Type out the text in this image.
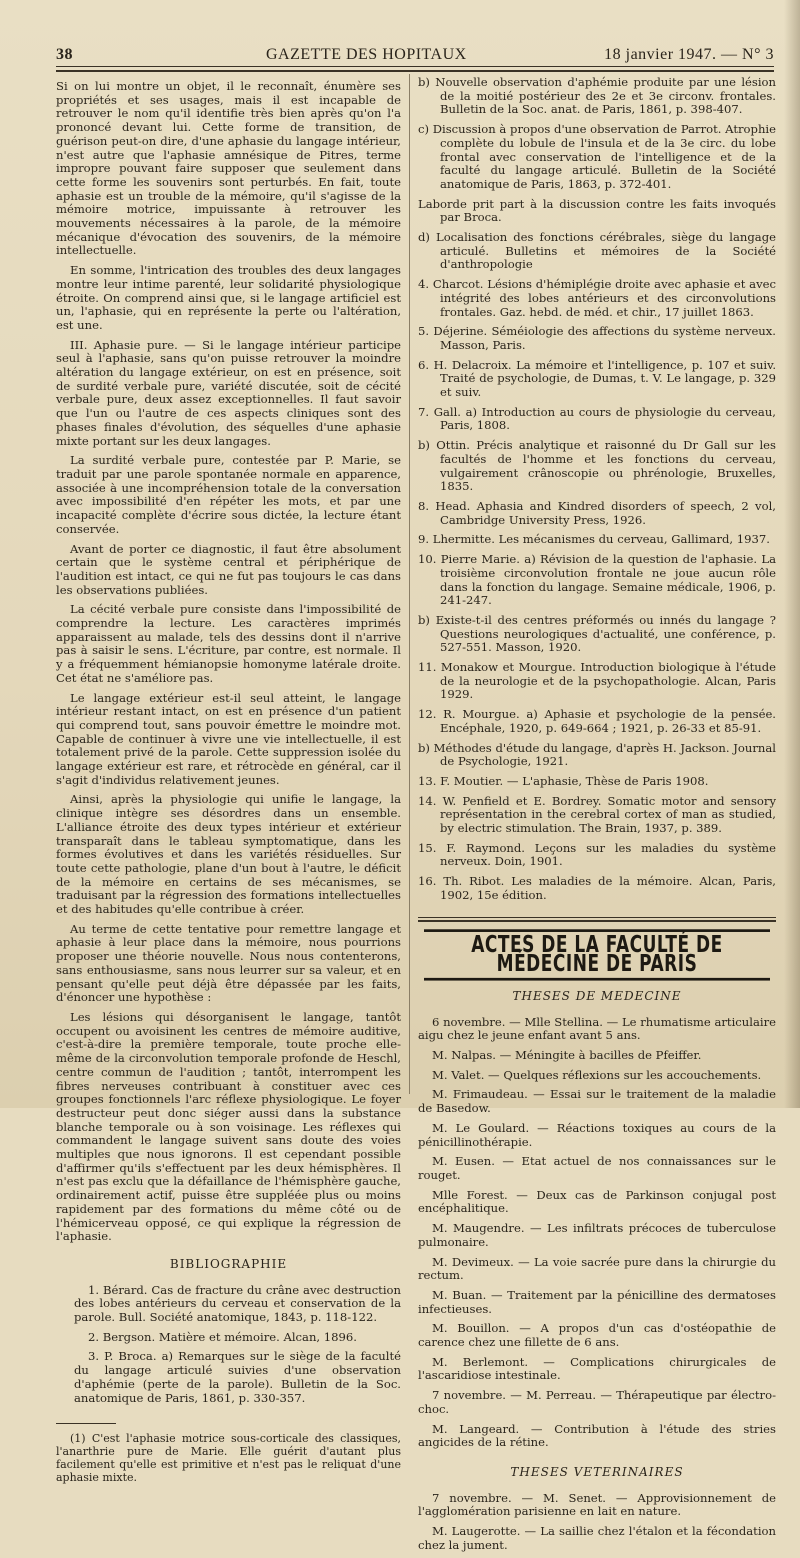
38	GAZETTE DES HOPITAUX	18 janvier 1947. — N° 3

Si on lui montre un objet, il le reconnaît, énumère ses propriétés et ses usages, mais il est incapable de retrouver le nom qu'il identifie très bien après qu'on l'a prononcé devant lui. Cette forme de transition, de guérison peut-on dire, d'une aphasie du langage intérieur, n'est autre que l'aphasie amnésique de Pitres, terme impropre pouvant faire supposer que seulement dans cette forme les souvenirs sont perturbés. En fait, toute aphasie est un trouble de la mémoire, qu'il s'agisse de la mémoire motrice, impuissante à retrouver les mouvements nécessaires à la parole, de la mémoire mécanique d'évocation des souvenirs, de la mémoire intellectuelle.

En somme, l'intrication des troubles des deux langages montre leur intime parenté, leur solidarité physiologique étroite. On comprend ainsi que, si le langage artificiel est un, l'aphasie, qui en représente la perte ou l'altération, est une.

III. Aphasie pure. — Si le langage intérieur participe seul à l'aphasie, sans qu'on puisse retrouver la moindre altération du langage extérieur, on est en présence, soit de surdité verbale pure, variété discutée, soit de cécité verbale pure, deux assez exceptionnelles. Il faut savoir que l'un ou l'autre de ces aspects cliniques sont des phases finales d'évolution, des séquelles d'une aphasie mixte portant sur les deux langages.

La surdité verbale pure, contestée par P. Marie, se traduit par une parole spontanée normale en apparence, associée à une incompréhension totale de la conversation avec impossibilité d'en répéter les mots, et par une incapacité complète d'écrire sous dictée, la lecture étant conservée.

Avant de porter ce diagnostic, il faut être absolument certain que le système central et périphérique de l'audition est intact, ce qui ne fut pas toujours le cas dans les observations publiées.

La cécité verbale pure consiste dans l'impossibilité de comprendre la lecture. Les caractères imprimés apparaissent au malade, tels des dessins dont il n'arrive pas à saisir le sens. L'écriture, par contre, est normale. Il y a fréquemment hémianopsie homonyme latérale droite. Cet état ne s'améliore pas.

Le langage extérieur est-il seul atteint, le langage intérieur restant intact, on est en présence d'un patient qui comprend tout, sans pouvoir émettre le moindre mot. Capable de continuer à vivre une vie intellectuelle, il est totalement privé de la parole. Cette suppression isolée du langage extérieur est rare, et rétrocède en général, car il s'agit d'individus relativement jeunes.

Ainsi, après la physiologie qui unifie le langage, la clinique intègre ses désordres dans un ensemble. L'alliance étroite des deux types intérieur et extérieur transparaît dans le tableau symptomatique, dans les formes évolutives et dans les variétés résiduelles. Sur toute cette pathologie, plane d'un bout à l'autre, le déficit de la mémoire en certains de ses mécanismes, se traduisant par la régression des formations intellectuelles et des habitudes qu'elle contribue à créer.

Au terme de cette tentative pour remettre langage et aphasie à leur place dans la mémoire, nous pourrions proposer une théorie nouvelle. Nous nous contenterons, sans enthousiasme, sans nous leurrer sur sa valeur, et en pensant qu'elle peut déjà être dépassée par les faits, d'énoncer une hypothèse :

Les lésions qui désorganisent le langage, tantôt occupent ou avoisinent les centres de mémoire auditive, c'est-à-dire la première temporale, toute proche elle-même de la circonvolution temporale profonde de Heschl, centre commun de l'audition ; tantôt, interrompent les fibres nerveuses contribuant à constituer avec ces groupes fonctionnels l'arc réflexe physiologique. Le foyer destructeur peut donc siéger aussi dans la substance blanche temporale ou à son voisinage. Les réflexes qui commandent le langage suivent sans doute des voies multiples que nous ignorons. Il est cependant possible d'affirmer qu'ils s'effectuent par les deux hémisphères. Il n'est pas exclu que la défaillance de l'hémisphère gauche, ordinairement actif, puisse être suppléée plus ou moins rapidement par des formations du même côté ou de l'hémicerveau opposé, ce qui explique la régression de l'aphasie.

BIBLIOGRAPHIE

1. Bérard. Cas de fracture du crâne avec destruction des lobes antérieurs du cerveau et conservation de la parole. Bull. Société anatomique, 1843, p. 118-122.

2. Bergson. Matière et mémoire. Alcan, 1896.

3. P. Broca. a) Remarques sur le siège de la faculté du langage articulé suivies d'une observation d'aphémie (perte de la parole). Bulletin de la Soc. anatomique de Paris, 1861, p. 330-357.

(1) C'est l'aphasie motrice sous-corticale des classiques, l'anarthrie pure de Marie. Elle guérit d'autant plus facilement qu'elle est primitive et n'est pas le reliquat d'une aphasie mixte.

b) Nouvelle observation d'aphémie produite par une lésion de la moitié postérieur des 2e et 3e circonv. frontales. Bulletin de la Soc. anat. de Paris, 1861, p. 398-407.

c) Discussion à propos d'une observation de Parrot. Atrophie complète du lobule de l'insula et de la 3e circ. du lobe frontal avec conservation de l'intelligence et de la faculté du langage articulé. Bulletin de la Société anatomique de Paris, 1863, p. 372-401.

Laborde prit part à la discussion contre les faits invoqués par Broca.

d) Localisation des fonctions cérébrales, siège du langage articulé. Bulletins et mémoires de la Société d'anthropologie

4. Charcot. Lésions d'hémiplégie droite avec aphasie et avec intégrité des lobes antérieurs et des circonvolutions frontales. Gaz. hebd. de méd. et chir., 17 juillet 1863.

5. Déjerine. Séméiologie des affections du système nerveux. Masson, Paris.

6. H. Delacroix. La mémoire et l'intelligence, p. 107 et suiv. Traité de psychologie, de Dumas, t. V. Le langage, p. 329 et suiv.

7. Gall. a) Introduction au cours de physiologie du cerveau, Paris, 1808.

b) Ottin. Précis analytique et raisonné du Dr Gall sur les facultés de l'homme et les fonctions du cerveau, vulgairement crânoscopie ou phrénologie, Bruxelles, 1835.

8. Head. Aphasia and Kindred disorders of speech, 2 vol, Cambridge University Press, 1926.

9. Lhermitte. Les mécanismes du cerveau, Gallimard, 1937.

10. Pierre Marie. a) Révision de la question de l'aphasie. La troisième circonvolution frontale ne joue aucun rôle dans la fonction du langage. Semaine médicale, 1906, p. 241-247.

b) Existe-t-il des centres préformés ou innés du langage ? Questions neurologiques d'actualité, une conférence, p. 527-551. Masson, 1920.

11. Monakow et Mourgue. Introduction biologique à l'étude de la neurologie et de la psychopathologie. Alcan, Paris 1929.

12. R. Mourgue. a) Aphasie et psychologie de la pensée. Encéphale, 1920, p. 649-664 ; 1921, p. 26-33 et 85-91.

b) Méthodes d'étude du langage, d'après H. Jackson. Journal de Psychologie, 1921.

13. F. Moutier. — L'aphasie, Thèse de Paris 1908.

14. W. Penfield et E. Bordrey. Somatic motor and sensory représentation in the cerebral cortex of man as studied, by electric stimulation. The Brain, 1937, p. 389.

15. F. Raymond. Leçons sur les maladies du système nerveux. Doin, 1901.

16. Th. Ribot. Les maladies de la mémoire. Alcan, Paris, 1902, 15e édition.

ACTES DE LA FACULTÉ DE MÉDECINE DE PARIS
THESES DE MEDECINE

6 novembre. — Mlle Stellina. — Le rhumatisme articulaire aigu chez le jeune enfant avant 5 ans.

M. Nalpas. — Méningite à bacilles de Pfeiffer.

M. Valet. — Quelques réflexions sur les accouchements.

M. Frimaudeau. — Essai sur le traitement de la maladie de Basedow.

M. Le Goulard. — Réactions toxiques au cours de la pénicillinothérapie.

M. Eusen. — Etat actuel de nos connaissances sur le rouget.

Mlle Forest. — Deux cas de Parkinson conjugal post encéphalitique.

M. Maugendre. — Les infiltrats précoces de tuberculose pulmonaire.

M. Devimeux. — La voie sacrée pure dans la chirurgie du rectum.

M. Buan. — Traitement par la pénicilline des dermatoses infectieuses.

M. Bouillon. — A propos d'un cas d'ostéopathie de carence chez une fillette de 6 ans.

M. Berlemont. — Complications chirurgicales de l'ascaridiose intestinale.

7 novembre. — M. Perreau. — Thérapeutique par électro-choc.

M. Langeard. — Contribution à l'étude des stries angicides de la rétine.

THESES VETERINAIRES

7 novembre. — M. Senet. — Approvisionnement de l'agglomération parisienne en lait en nature.

M. Laugerotte. — La saillie chez l'étalon et la fécondation chez la jument.
